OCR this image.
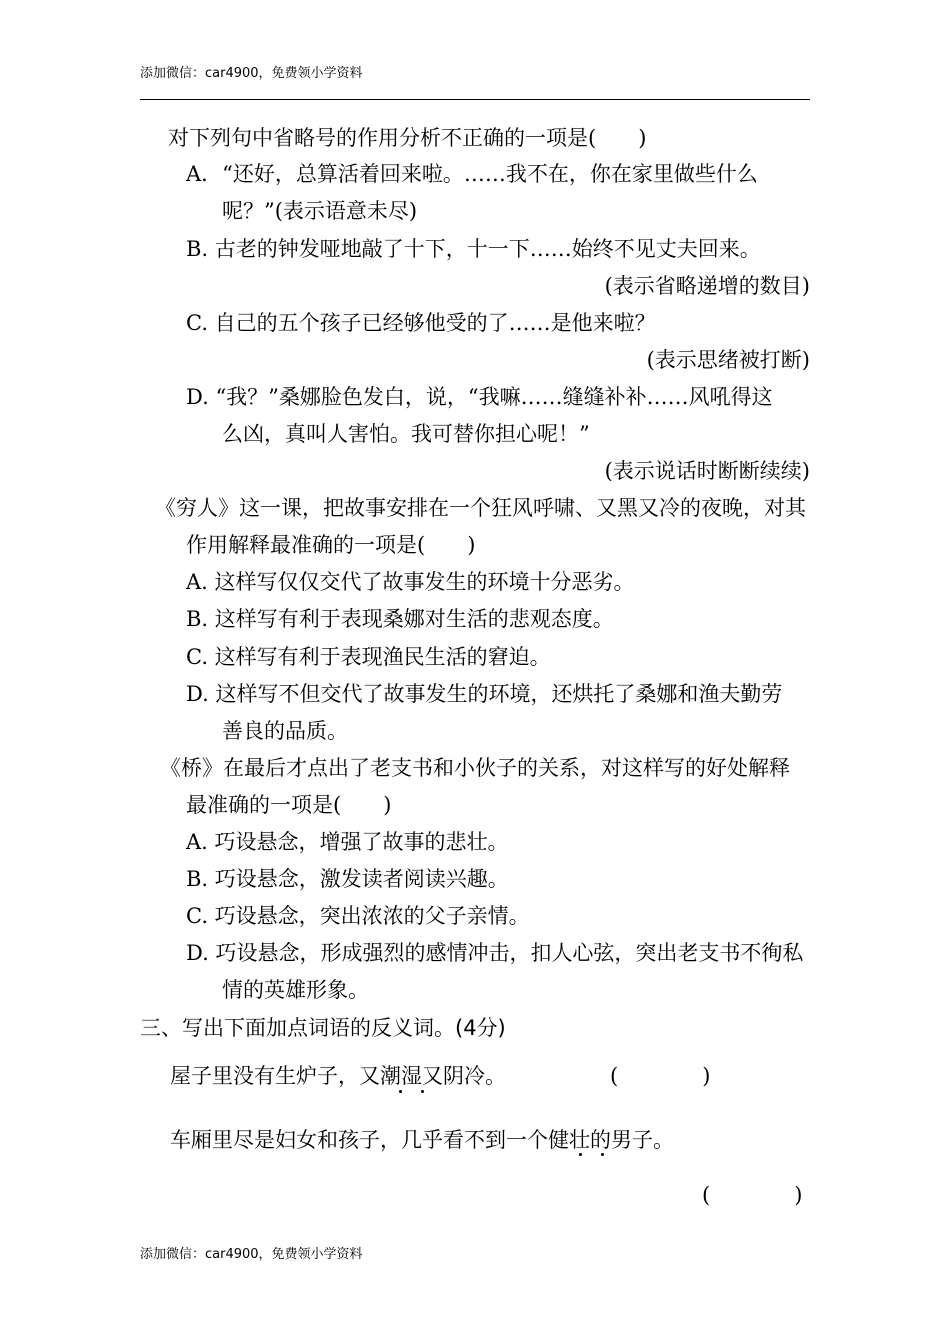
添加微信：car4900，免费领小学资料
对下列句中省略号的作用分析不正确的一项是(　　)
A．“还好，总算活着回来啦。……我不在，你在家里做些什么
呢？”(表示语意未尽)
B. 古老的钟发哑地敲了十下，十一下……始终不见丈夫回来。
(表示省略递增的数目)
C. 自己的五个孩子已经够他受的了……是他来啦？
(表示思绪被打断)
D. “我？”桑娜脸色发白，说，“我嘛……缝缝补补……风吼得这
么凶，真叫人害怕。我可替你担心呢！”
(表示说话时断断续续)
《穷人》这一课，把故事安排在一个狂风呼啸、又黑又冷的夜晚，对其
作用解释最准确的一项是(　　)
A. 这样写仅仅交代了故事发生的环境十分恶劣。
B. 这样写有利于表现桑娜对生活的悲观态度。
C. 这样写有利于表现渔民生活的窘迫。
D. 这样写不但交代了故事发生的环境，还烘托了桑娜和渔夫勤劳
善良的品质。
《桥》在最后才点出了老支书和小伙子的关系，对这样写的好处解释
最准确的一项是(　　)
A. 巧设悬念，增强了故事的悲壮。
B. 巧设悬念，激发读者阅读兴趣。
C. 巧设悬念，突出浓浓的父子亲情。
D. 巧设悬念，形成强烈的感情冲击，扣人心弦，突出老支书不徇私
情的英雄形象。
三、写出下面加点词语的反义词。(4分)
屋子里没有生炉子，又潮湿又阴冷。	(　　　　)
车厢里尽是妇女和孩子，几乎看不到一个健壮的男子。
(　　　　)
添加微信：car4900，免费领小学资料
